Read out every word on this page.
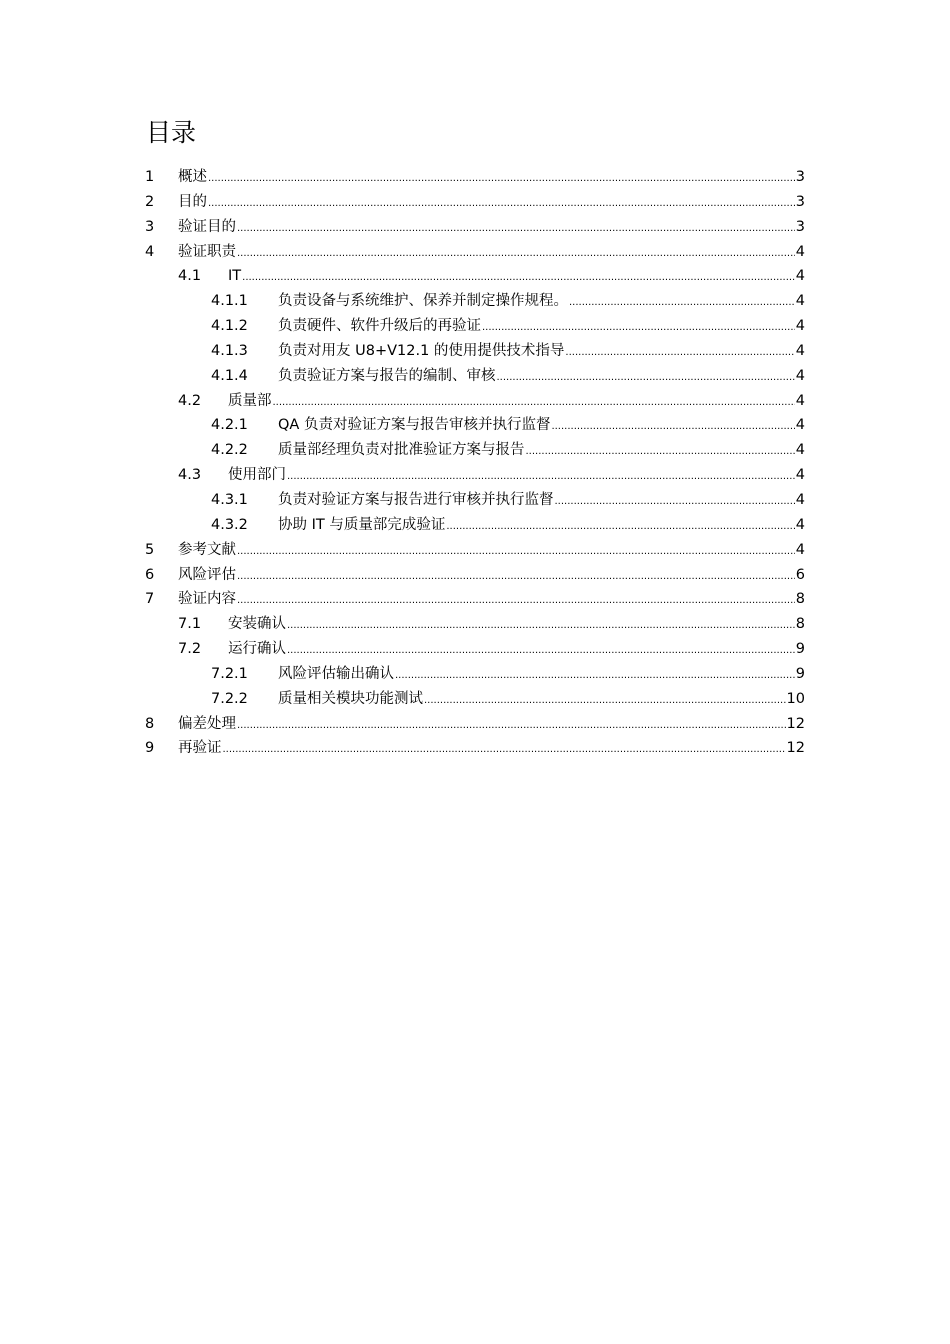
目录
1 概述 .....	3
2 目的 .....	3
3 验证目的 .....	3
4 验证职责 .....	4
4.1 IT .....	4
4.1.1 负责设备与系统维护、保养并制定操作规程。 .....	4
4.1.2 负责硬件、软件升级后的再验证 .....	4
4.1.3 负责对用友 U8+V12.1 的使用提供技术指导 .....	4
4.1.4 负责验证方案与报告的编制、审核 .....	4
4.2 质量部 .....	4
4.2.1 QA 负责对验证方案与报告审核并执行监督 .....	4
4.2.2 质量部经理负责对批准验证方案与报告 .....	4
4.3 使用部门 .....	4
4.3.1 负责对验证方案与报告进行审核并执行监督 .....	4
4.3.2 协助 IT 与质量部完成验证 .....	4
5 参考文献 .....	4
6 风险评估 .....	6
7 验证内容 .....	8
7.1 安装确认 .....	8
7.2 运行确认 .....	9
7.2.1 风险评估输出确认 .....	9
7.2.2 质量相关模块功能测试 .....	10
8 偏差处理 .....	12
9 再验证 .....	12
